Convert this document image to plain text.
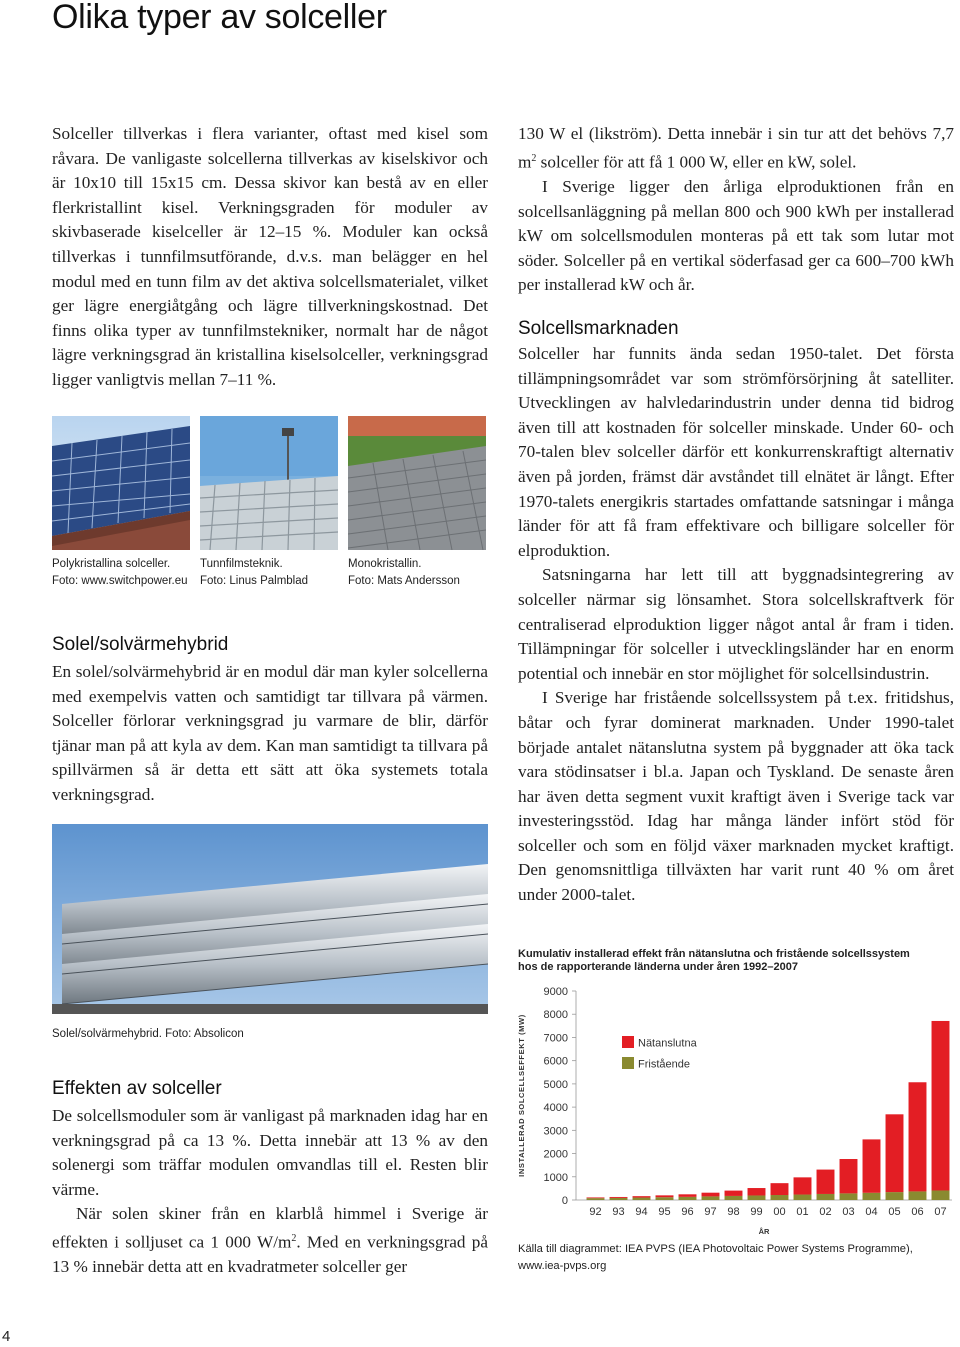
Olika typer av solceller

Solceller tillverkas i flera varianter, oftast med kisel som råvara. De vanligaste solcellerna tillverkas av kiselskivor och är 10x10 till 15x15 cm. Dessa skivor kan bestå av en eller flerkristallint kisel. Verkningsgraden för moduler av skivbaserade kiselceller är 12–15 %. Moduler kan också tillverkas i tunnfilmsutförande, d.v.s. man belägger en hel modul med en tunn film av det aktiva solcellsmaterialet, vilket ger lägre energiåtgång och lägre tillverkningskostnad. Det finns olika typer av tunnfilmstekniker, normalt har de något lägre verkningsgrad än kristallina kiselsolceller, verkningsgrad ligger vanligtvis mellan 7–11 %.

Polykristallina solceller.
Foto: www.switchpower.eu
Tunnfilmsteknik.
Foto: Linus Palmblad
Monokristallin.
Foto: Mats Andersson
Solel/solvärmehybrid

En solel/solvärmehybrid är en modul där man kyler solcellerna med exempelvis vatten och samtidigt tar tillvara på värmen. Solceller förlorar verkningsgrad ju varmare de blir, därför tjänar man på att kyla av dem. Kan man samtidigt ta tillvara på spillvärmen så är detta ett sätt att öka systemets totala verkningsgrad.

Solel/solvärmehybrid. Foto: Absolicon
Effekten av solceller

De solcellsmoduler som är vanligast på marknaden idag har en verkningsgrad på ca 13 %. Detta innebär att 13 % av den solenergi som träffar modulen omvandlas till el. Resten blir värme.

När solen skiner från en klarblå himmel i Sverige är effekten i solljuset ca 1 000 $W/m^2$. Med en verkningsgrad på 13 % innebär detta att en kvadratmeter solceller ger

130 W el (likström). Detta innebär i sin tur att det behövs 7,7 $m^2$ solceller för att få 1 000 W, eller en kW, solel.

I Sverige ligger den årliga elproduktionen från en solcellsanläggning på mellan 800 och 900 kWh per installerad kW om solcellsmodulen monteras på ett tak som lutar mot söder. Solceller på en vertikal söderfasad ger ca 600–700 kWh per installerad kW och år.

Solcellsmarknaden

Solceller har funnits ända sedan 1950-talet. Det första tillämpningsområdet var som strömförsörjning åt satelliter. Utvecklingen av halvledarindustrin under denna tid bidrog även till att kostnaden för solceller minskade. Under 60- och 70-talen blev solceller därför ett konkurrenskraftigt alternativ även på jorden, främst där avståndet till elnätet är långt. Efter 1970-talets energikris startades omfattande satsningar i många länder för att få fram effektivare och billigare solceller för elproduktion.

Satsningarna har lett till att byggnadsintegrering av solceller närmar sig lönsamhet. Stora solcellskraftverk för centraliserad elproduktion ligger något antal år fram i tiden. Tillämpningar för solceller i utvecklingsländer har en enorm potential och innebär en stor möjlighet för solcellsindustrin.

I Sverige har fristående solcellssystem på t.ex. fritidshus, båtar och fyrar dominerat marknaden. Under 1990-talet började antalet nätanslutna system på byggnader att öka tack vara stödinsatser i bl.a. Japan och Tyskland. De senaste åren har även detta segment vuxit kraftigt även i Sverige tack var investeringsstöd. Idag har många länder infört stöd för solceller och som en följd växer marknaden mycket kraftigt. Den genomsnittliga tillväxten har varit runt 40 % om året under 2000-talet.

Kumulativ installerad effekt från nätanslutna och fristående solcellssystem
hos de rapporterande länderna under åren 1992–2007
0
1000
2000
3000
4000
5000
6000
7000
8000
9000
INSTALLERAD SOLCELLSEFFEKT (MW)
92 93 94 95 96 97 98 99 00 01 02 03 04 05 06 07
ÅR
Nätanslutna
Fristående
Källa till diagrammet: IEA PVPS (IEA Photovoltaic Power Systems Programme),
www.iea-pvps.org
4
